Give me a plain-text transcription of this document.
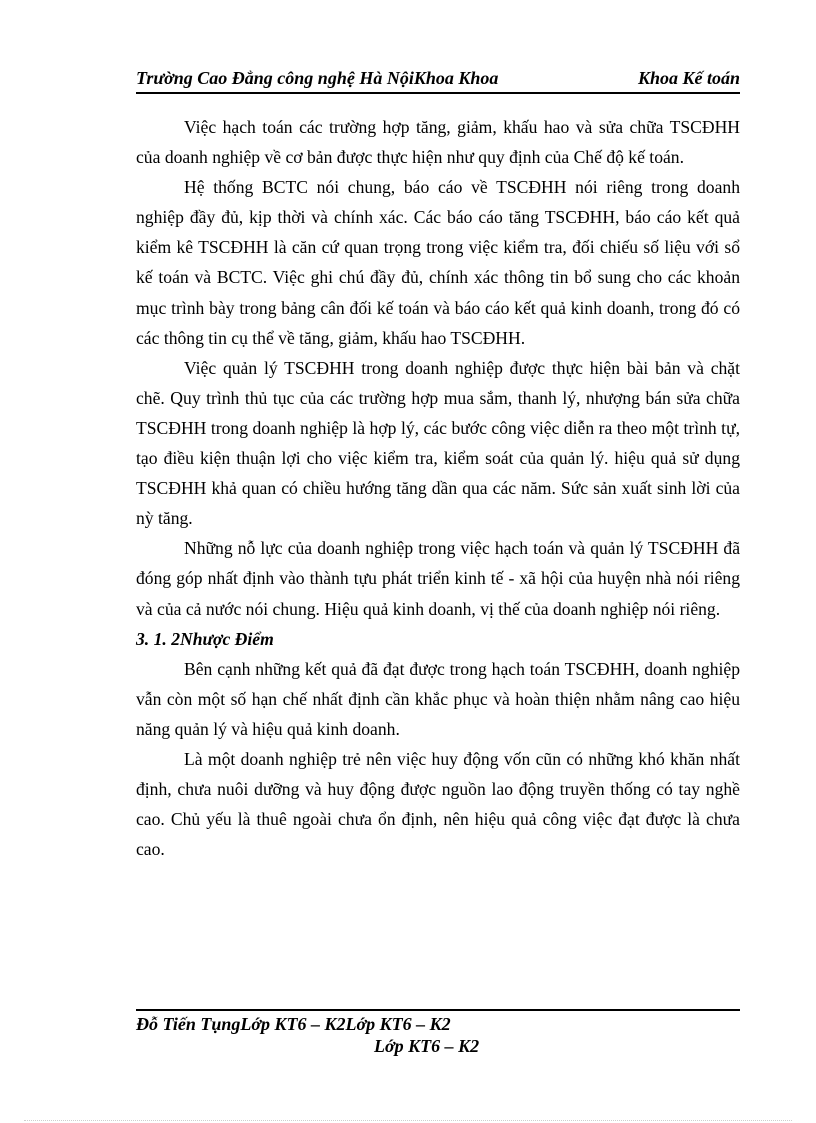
Trường Cao Đẳng công nghệ Hà NộiKhoa Khoa	Khoa Kế toán

Việc hạch toán các trường hợp tăng, giảm, khấu hao và sửa chữa TSCĐHH của doanh nghiệp về cơ bản được thực hiện như quy định của Chế độ kế toán.

Hệ thống BCTC nói chung, báo cáo về TSCĐHH nói riêng trong doanh nghiệp đầy đủ, kịp thời và chính xác. Các báo cáo tăng TSCĐHH, báo cáo kết quả kiểm kê TSCĐHH là căn cứ quan trọng trong việc kiểm tra, đối chiếu số liệu với sổ kế toán và BCTC. Việc ghi chú đầy đủ, chính xác thông tin bổ sung cho các khoản mục trình bày trong bảng cân đối kế toán và báo cáo kết quả kinh doanh, trong đó có các thông tin cụ thể về tăng, giảm, khấu hao TSCĐHH.

Việc quản lý TSCĐHH trong doanh nghiệp được thực hiện bài bản và chặt chẽ. Quy trình thủ tục của các trường hợp mua sắm, thanh lý, nhượng bán sửa chữa TSCĐHH trong doanh nghiệp là hợp lý, các bước công việc diễn ra theo một trình tự, tạo điều kiện thuận lợi cho việc kiểm tra, kiểm soát của quản lý. hiệu quả sử dụng TSCĐHH khả quan có chiều hướng tăng dần qua các năm. Sức sản xuất sinh lời của nỳ tăng.

Những nỗ lực của doanh nghiệp trong việc hạch toán và quản lý TSCĐHH đã đóng góp nhất định vào thành tựu phát triển kinh tế - xã hội của huyện nhà nói riêng và của cả nước nói chung. Hiệu quả kinh doanh, vị thế của doanh nghiệp nói riêng.

3. 1. 2Nhược Điểm

Bên cạnh những kết quả đã đạt được trong hạch toán TSCĐHH, doanh nghiệp vẫn còn một số hạn chế nhất định cần khắc phục và hoàn thiện nhằm nâng cao hiệu năng quản lý và hiệu quả kinh doanh.

Là một doanh nghiệp trẻ nên việc huy động vốn cũn có những khó khăn nhất định, chưa nuôi dưỡng và huy động được nguồn lao động truyền thống có tay nghề cao. Chủ yếu là thuê ngoài chưa ổn định, nên hiệu quả công việc đạt được là chưa cao.

Đỗ Tiến TụngLớp KT6 – K2Lớp KT6 – K2
Lớp KT6 – K2
